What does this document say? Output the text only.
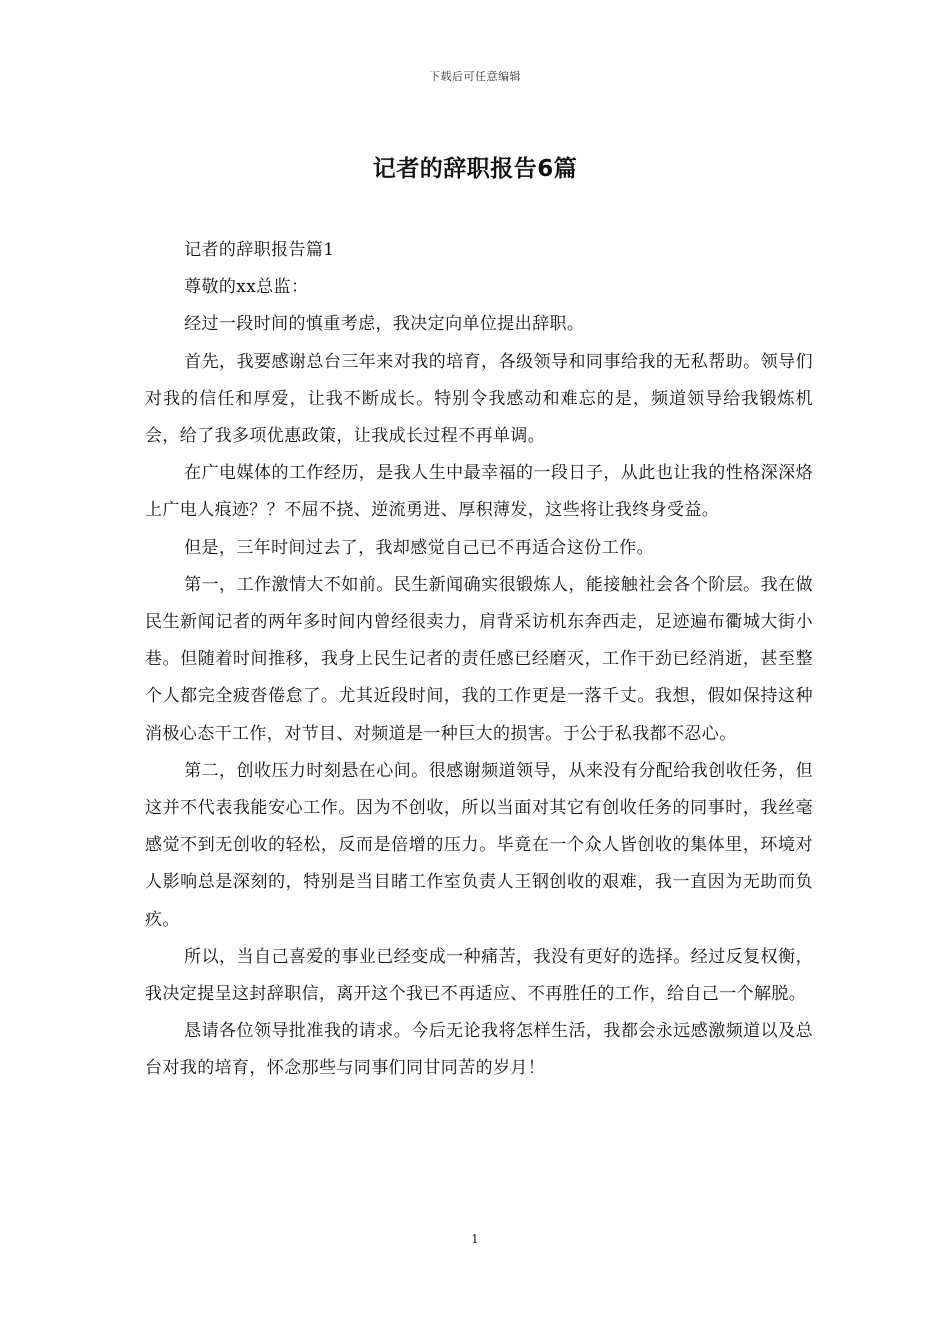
下载后可任意编辑
记者的辞职报告6篇

记者的辞职报告篇1

尊敬的xx总监：

经过一段时间的慎重考虑，我决定向单位提出辞职。

首先，我要感谢总台三年来对我的培育，各级领导和同事给我的无私帮助。领导们对我的信任和厚爱，让我不断成长。特别令我感动和难忘的是，频道领导给我锻炼机会，给了我多项优惠政策，让我成长过程不再单调。

在广电媒体的工作经历，是我人生中最幸福的一段日子，从此也让我的性格深深烙上广电人痕迹？？不屈不挠、逆流勇进、厚积薄发，这些将让我终身受益。

但是，三年时间过去了，我却感觉自己已不再适合这份工作。

第一，工作激情大不如前。民生新闻确实很锻炼人，能接触社会各个阶层。我在做民生新闻记者的两年多时间内曾经很卖力，肩背采访机东奔西走，足迹遍布衢城大街小巷。但随着时间推移，我身上民生记者的责任感已经磨灭，工作干劲已经消逝，甚至整个人都完全疲沓倦怠了。尤其近段时间，我的工作更是一落千丈。我想，假如保持这种消极心态干工作，对节目、对频道是一种巨大的损害。于公于私我都不忍心。

第二，创收压力时刻悬在心间。很感谢频道领导，从来没有分配给我创收任务，但这并不代表我能安心工作。因为不创收，所以当面对其它有创收任务的同事时，我丝毫感觉不到无创收的轻松，反而是倍增的压力。毕竟在一个众人皆创收的集体里，环境对人影响总是深刻的，特别是当目睹工作室负责人王钢创收的艰难，我一直因为无助而负疚。

所以，当自己喜爱的事业已经变成一种痛苦，我没有更好的选择。经过反复权衡，我决定提呈这封辞职信，离开这个我已不再适应、不再胜任的工作，给自己一个解脱。

恳请各位领导批准我的请求。今后无论我将怎样生活，我都会永远感激频道以及总台对我的培育，怀念那些与同事们同甘同苦的岁月！

1
